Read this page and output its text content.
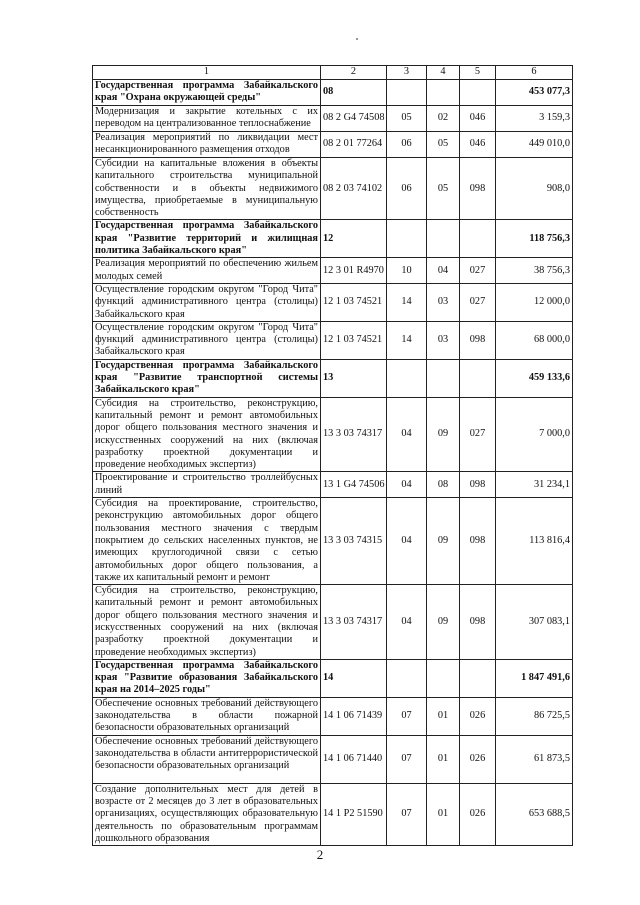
1	2	3	4	5	6
Государственная программа Забайкальского края "Охрана окружающей среды"	08				453 077,3
Модернизация и закрытие котельных с их переводом на централизованное теплоснабжение	08 2 G4 74508	05	02	046	3 159,3
Реализация мероприятий по ликвидации мест несанкционированного размещения отходов	08 2 01 77264	06	05	046	449 010,0
Субсидии на капитальные вложения в объекты капитального строительства муниципальной собственности и в объекты недвижимого имущества, приобретаемые в муниципальную собственность	08 2 03 74102	06	05	098	908,0
Государственная программа Забайкальского края "Развитие территорий и жилищная политика Забайкальского края"	12				118 756,3
Реализация мероприятий по обеспечению жильем молодых семей	12 3 01 R4970	10	04	027	38 756,3
Осуществление городским округом "Город Чита" функций административного центра (столицы) Забайкальского края	12 1 03 74521	14	03	027	12 000,0
Осуществление городским округом "Город Чита" функций административного центра (столицы) Забайкальского края	12 1 03 74521	14	03	098	68 000,0
Государственная программа Забайкальского края "Развитие транспортной системы Забайкальского края"	13				459 133,6
Субсидия на строительство, реконструкцию, капитальный ремонт и ремонт автомобильных дорог общего пользования местного значения и искусственных сооружений на них (включая разработку проектной документации и проведение необходимых экспертиз)	13 3 03 74317	04	09	027	7 000,0
Проектирование и строительство троллейбусных линий	13 1 G4 74506	04	08	098	31 234,1
Субсидия на проектирование, строительство, реконструкцию автомобильных дорог общего пользования местного значения с твердым покрытием до сельских населенных пунктов, не имеющих круглогодичной связи с сетью автомобильных дорог общего пользования, а также их капитальный ремонт и ремонт	13 3 03 74315	04	09	098	113 816,4
Субсидия на строительство, реконструкцию, капитальный ремонт и ремонт автомобильных дорог общего пользования местного значения и искусственных сооружений на них (включая разработку проектной документации и проведение необходимых экспертиз)	13 3 03 74317	04	09	098	307 083,1
Государственная программа Забайкальского края "Развитие образования Забайкальского края на 2014–2025 годы"	14				1 847 491,6
Обеспечение основных требований действующего законодательства в области пожарной безопасности образовательных организаций	14 1 06 71439	07	01	026	86 725,5
Обеспечение основных требований действующего законодательства в области антитеррористической безопасности образовательных организаций	14 1 06 71440	07	01	026	61 873,5
Создание дополнительных мест для детей в возрасте от 2 месяцев до 3 лет в образовательных организациях, осуществляющих образовательную деятельность по образовательным программам дошкольного образования	14 1 P2 51590	07	01	026	653 688,5
2
